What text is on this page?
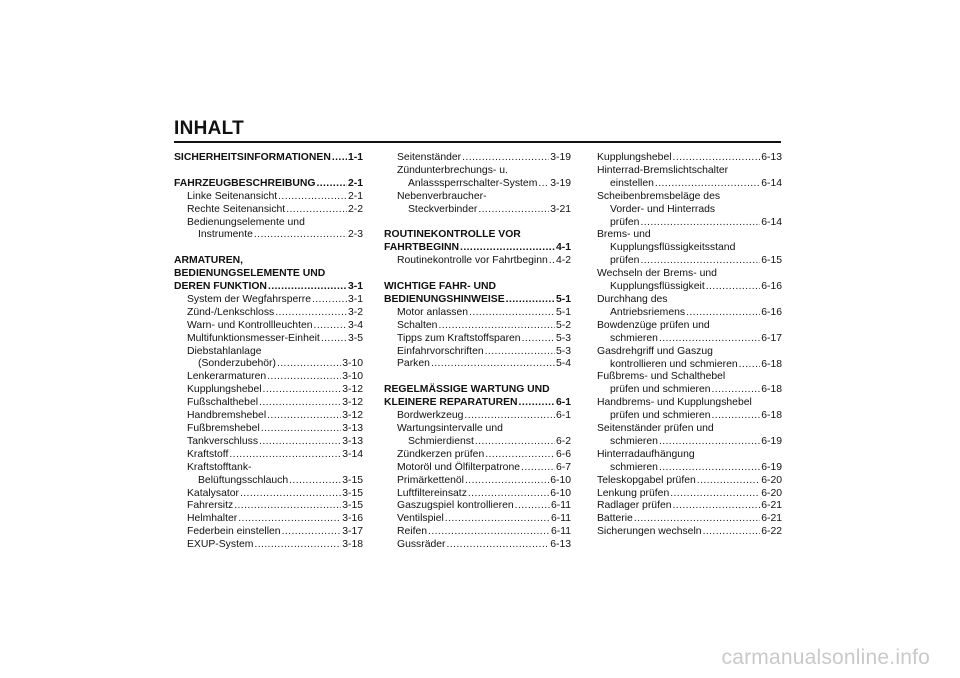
INHALT
SICHERHEITSINFORMATIONEN ..... 1-1
FAHRZEUGBESCHREIBUNG .....	2-1
Linke Seitenansicht .....	2-1
Rechte Seitenansicht .....	2-2
Bedienungselemente und
Instrumente .....	2-3
ARMATUREN,
BEDIENUNGSELEMENTE UND
DEREN FUNKTION .....	3-1
System der Wegfahrsperre .....	3-1
Zünd-/Lenkschloss .....	3-2
Warn- und Kontrollleuchten .....	3-4
Multifunktionsmesser-Einheit .....	3-5
Diebstahlanlage
(Sonderzubehör) .....	3-10
Lenkerarmaturen .....	3-10
Kupplungshebel .....	3-12
Fußschalthebel .....	3-12
Handbremshebel .....	3-12
Fußbremshebel .....	3-13
Tankverschluss .....	3-13
Kraftstoff .....	3-14
Kraftstofftank-
Belüftungsschlauch .....	3-15
Katalysator .....	3-15
Fahrersitz .....	3-15
Helmhalter .....	3-16
Federbein einstellen .....	3-17
EXUP-System .....	3-18
Seitenständer .....	3-19
Zündunterbrechungs- u.
Anlasssperrschalter-System ..... 3-19
Nebenverbraucher-
Steckverbinder .....	3-21
ROUTINEKONTROLLE VOR
FAHRTBEGINN .....	4-1
Routinekontrolle vor Fahrtbeginn ..... 4-2
WICHTIGE FAHR- UND
BEDIENUNGSHINWEISE .....	5-1
Motor anlassen .....	5-1
Schalten .....	5-2
Tipps zum Kraftstoffsparen .....	5-3
Einfahrvorschriften .....	5-3
Parken .....	5-4
REGELMÄSSIGE WARTUNG UND
KLEINERE REPARATUREN .....	6-1
Bordwerkzeug .....	6-1
Wartungsintervalle und
Schmierdienst .....	6-2
Zündkerzen prüfen .....	6-6
Motoröl und Ölfilterpatrone .....	6-7
Primärkettenöl .....	6-10
Luftfiltereinsatz .....	6-10
Gaszugspiel kontrollieren .....	6-11
Ventilspiel .....	6-11
Reifen .....	6-11
Gussräder .....	6-13
Kupplungshebel .....	6-13
Hinterrad-Bremslichtschalter
einstellen .....	6-14
Scheibenbremsbeläge des
Vorder- und Hinterrads
prüfen .....	6-14
Brems- und
Kupplungsflüssigkeitsstand
prüfen .....	6-15
Wechseln der Brems- und
Kupplungsflüssigkeit .....	6-16
Durchhang des
Antriebsriemens .....	6-16
Bowdenzüge prüfen und
schmieren .....	6-17
Gasdrehgriff und Gaszug
kontrollieren und schmieren ..... 6-18
Fußbrems- und Schalthebel
prüfen und schmieren .....	6-18
Handbrems- und Kupplungshebel
prüfen und schmieren .....	6-18
Seitenständer prüfen und
schmieren .....	6-19
Hinterradaufhängung
schmieren .....	6-19
Teleskopgabel prüfen .....	6-20
Lenkung prüfen .....	6-20
Radlager prüfen .....	6-21
Batterie .....	6-21
Sicherungen wechseln .....	6-22
carmanualsonline.info
